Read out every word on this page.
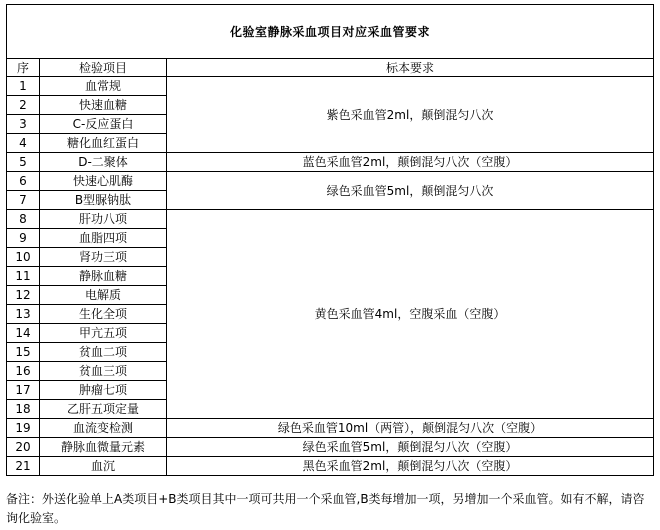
化验室静脉采血项目对应采血管要求		
序	检验项目	标本要求
1	血常规	紫色采血管2ml，颠倒混匀八次
2	快速血糖	
3	C-反应蛋白	
4	糖化血红蛋白	
5	D-二聚体	蓝色采血管2ml，颠倒混匀八次（空腹）
6	快速心肌酶	绿色采血管5ml，颠倒混匀八次
7	B型脲钠肽	
8	肝功八项	黄色采血管4ml，空腹采血（空腹）
9	血脂四项	
10	肾功三项	
11	静脉血糖	
12	电解质	
13	生化全项	
14	甲亢五项	
15	贫血二项	
16	贫血三项	
17	肿瘤七项	
18	乙肝五项定量	
19	血流变检测	绿色采血管10ml（两管），颠倒混匀八次（空腹）
20	静脉血微量元素	绿色采血管5ml，颠倒混匀八次（空腹）
21	血沉	黑色采血管2ml，颠倒混匀八次（空腹）
备注：外送化验单上A类项目+B类项目其中一项可共用一个采血管,B类每增加一项，另增加一个采血管。如有不解，请咨询化验室。
